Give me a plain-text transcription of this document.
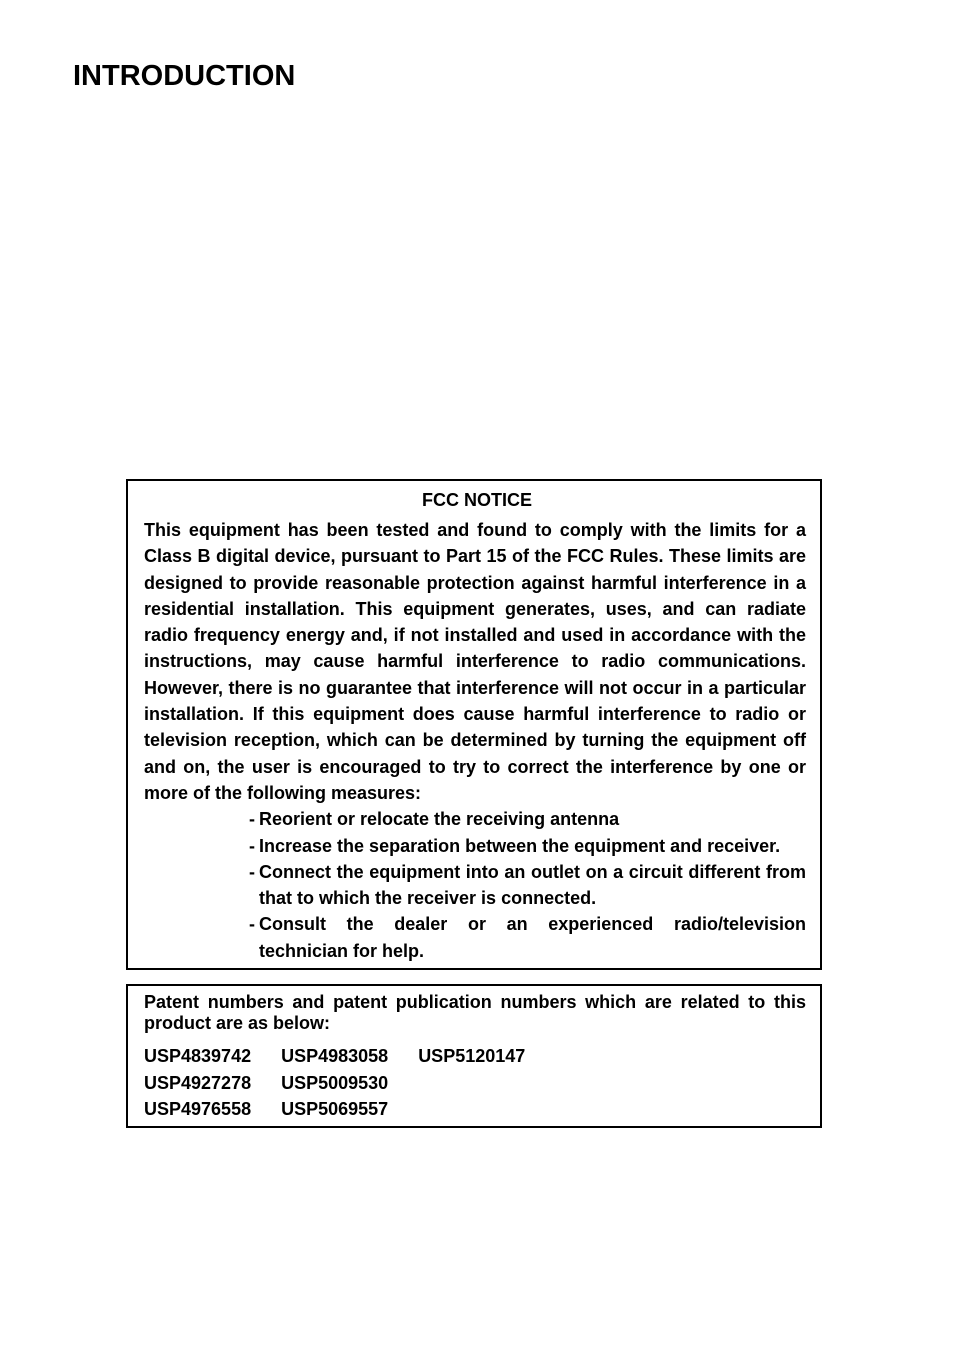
INTRODUCTION
FCC NOTICE

This equipment has been tested and found to comply with the limits for a Class B digital device, pursuant to Part 15 of the FCC Rules. These limits are designed to provide reasonable protection against harmful interference in a residential installation. This equipment generates, uses, and can radiate radio frequency energy and, if not installed and used in accordance with the instructions, may cause harmful interference to radio communications. However, there is no guarantee that interference will not occur in a particular installation. If this equipment does cause harmful interference to radio or television reception, which can be determined by turning the equipment off and on, the user is encouraged to try to correct the interference by one or more of the following measures:

- Reorient or relocate the receiving antenna
- Increase the separation between the equipment and receiver.
- Connect the equipment into an outlet on a circuit different from that to which the receiver is connected.
- Consult the dealer or an experienced radio/television technician for help.

Patent numbers and patent publication numbers which are related to this product are as below:

USP4839742	USP4983058	USP5120147
USP4927278	USP5009530	
USP4976558	USP5069557	
